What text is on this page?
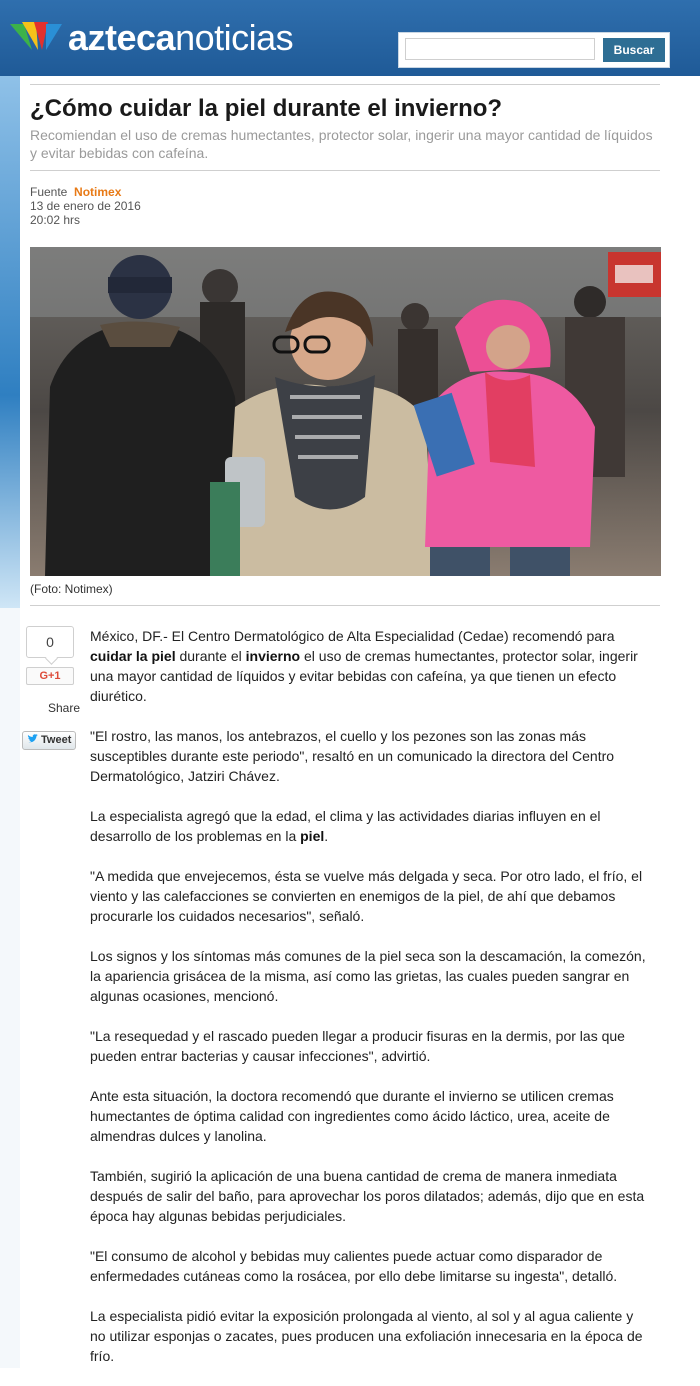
aztecanoticias	Buscar
¿Cómo cuidar la piel durante el invierno?
Recomiendan el uso de cremas humectantes, protector solar, ingerir una mayor cantidad de líquidos y evitar bebidas con cafeína.
Fuente Notimex
13 de enero de 2016
20:02 hrs
(Foto: Notimex)
0
G+1
Share
Tweet

México, DF.- El Centro Dermatológico de Alta Especialidad (Cedae) recomendó para cuidar la piel durante el invierno el uso de cremas humectantes, protector solar, ingerir una mayor cantidad de líquidos y evitar bebidas con cafeína, ya que tienen un efecto diurético.

"El rostro, las manos, los antebrazos, el cuello y los pezones son las zonas más susceptibles durante este periodo", resaltó en un comunicado la directora del Centro Dermatológico, Jatziri Chávez.

La especialista agregó que la edad, el clima y las actividades diarias influyen en el desarrollo de los problemas en la piel.

"A medida que envejecemos, ésta se vuelve más delgada y seca. Por otro lado, el frío, el viento y las calefacciones se convierten en enemigos de la piel, de ahí que debamos procurarle los cuidados necesarios", señaló.

Los signos y los síntomas más comunes de la piel seca son la descamación, la comezón, la apariencia grisácea de la misma, así como las grietas, las cuales pueden sangrar en algunas ocasiones, mencionó.

"La resequedad y el rascado pueden llegar a producir fisuras en la dermis, por las que pueden entrar bacterias y causar infecciones", advirtió.

Ante esta situación, la doctora recomendó que durante el invierno se utilicen cremas humectantes de óptima calidad con ingredientes como ácido láctico, urea, aceite de almendras dulces y lanolina.

También, sugirió la aplicación de una buena cantidad de crema de manera inmediata después de salir del baño, para aprovechar los poros dilatados; además, dijo que en esta época hay algunas bebidas perjudiciales.

"El consumo de alcohol y bebidas muy calientes puede actuar como disparador de enfermedades cutáneas como la rosácea, por ello debe limitarse su ingesta", detalló.

La especialista pidió evitar la exposición prolongada al viento, al sol y al agua caliente y no utilizar esponjas o zacates, pues producen una exfoliación innecesaria en la época de frío.
